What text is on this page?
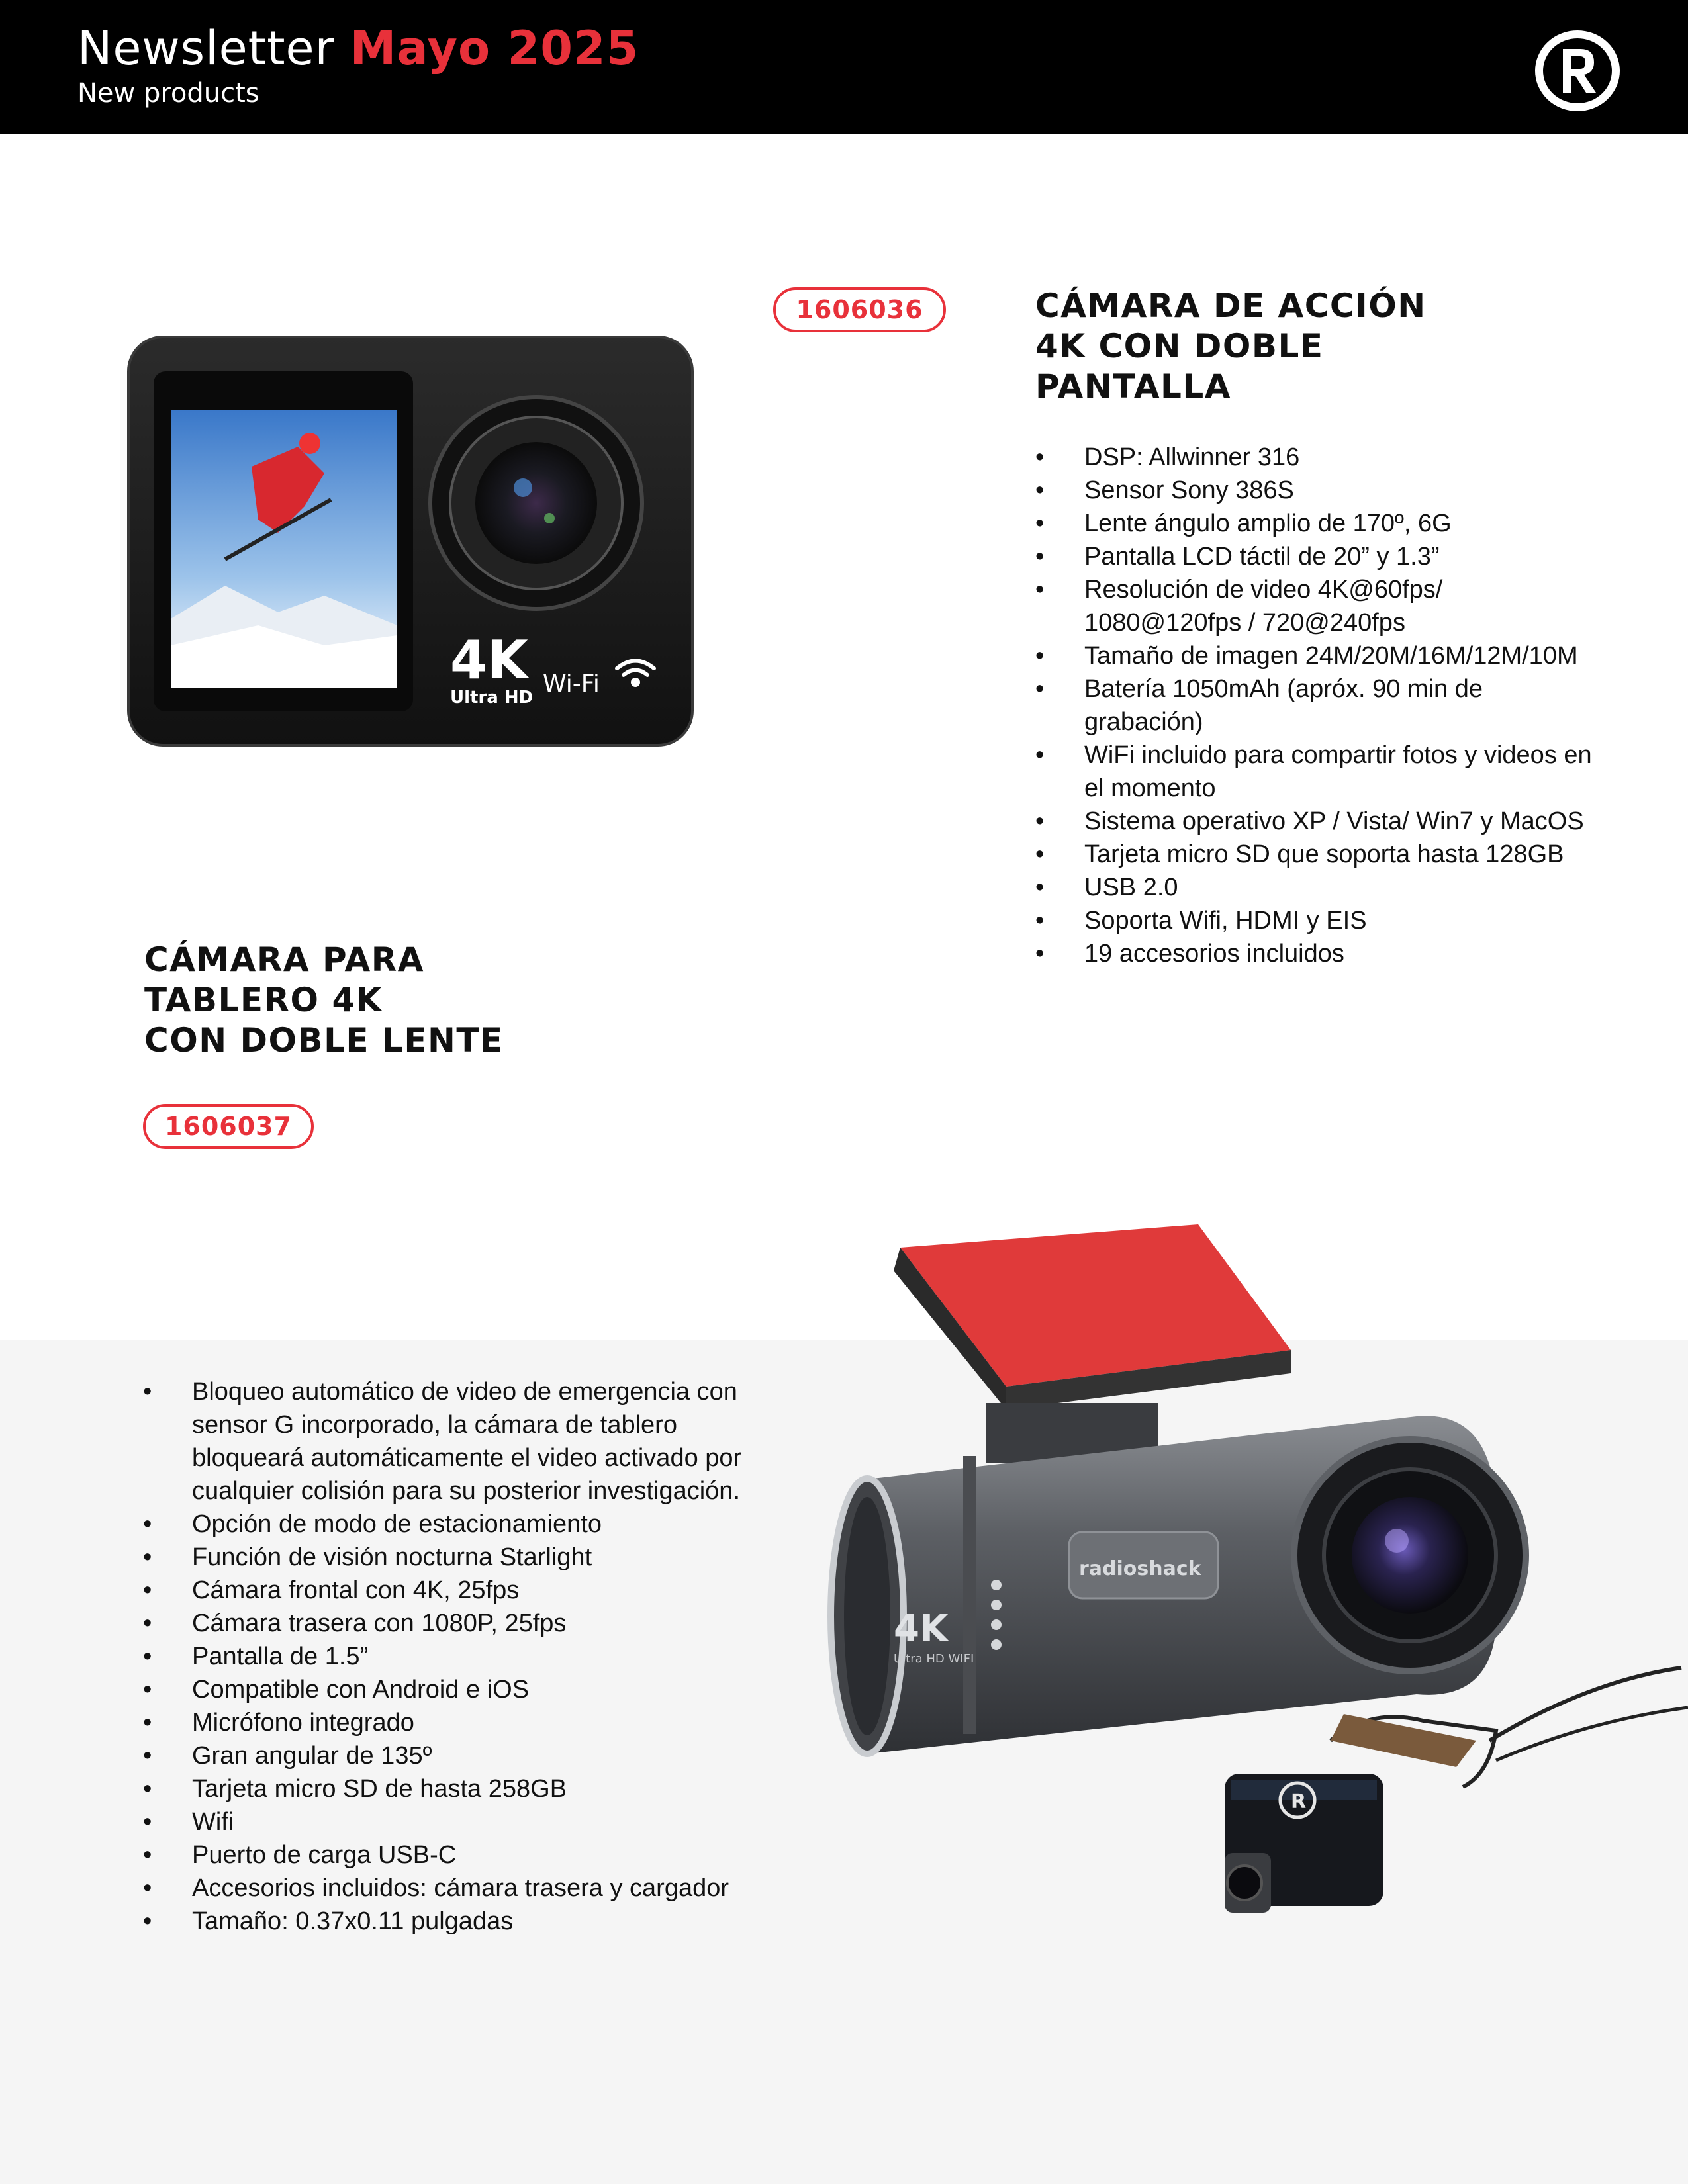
Newsletter Mayo 2025
New products
4K
Ultra HD Wi-Fi
1606036	CÁMARA DE ACCIÓN
4K CON DOBLE
PANTALLA
• DSP: Allwinner 316
• Sensor Sony 386S
• Lente ángulo amplio de 170º, 6G
• Pantalla LCD táctil de 20” y 1.3”
• Resolución de video 4K@60fps/ 1080@120fps / 720@240fps
• Tamaño de imagen 24M/20M/16M/12M/10M
• Batería 1050mAh (apróx. 90 min de grabación)
• WiFi incluido para compartir fotos y videos en el momento
• Sistema operativo XP / Vista/ Win7 y MacOS
• Tarjeta micro SD que soporta hasta 128GB
• USB 2.0
• Soporta Wifi, HDMI y EIS
• 19 accesorios incluidos
CÁMARA PARA
TABLERO 4K
CON DOBLE LENTE
1606037
• Bloqueo automático de video de emergencia con sensor G incorporado, la cámara de tablero bloqueará automáticamente el video activado por cualquier colisión para su posterior investigación.
• Opción de modo de estacionamiento
• Función de visión nocturna Starlight
• Cámara frontal con 4K, 25fps
• Cámara trasera con 1080P, 25fps
• Pantalla de 1.5”
• Compatible con Android e iOS
• Micrófono integrado
• Gran angular de 135º
• Tarjeta micro SD de hasta 258GB
• Wifi
• Puerto de carga USB-C
• Accesorios incluidos: cámara trasera y cargador
• Tamaño: 0.37x0.11 pulgadas
radioshack
4K
Ultra HD WIFI
R
